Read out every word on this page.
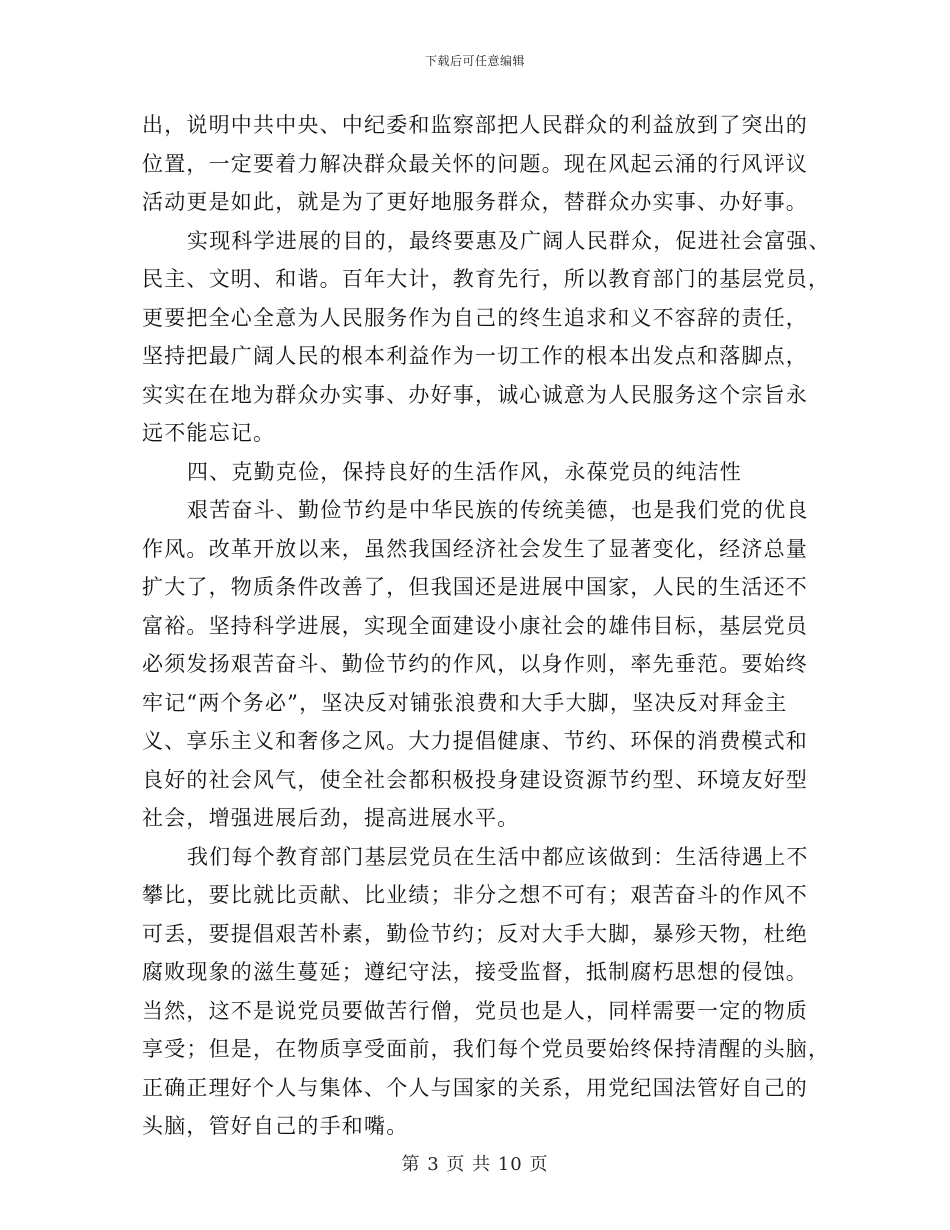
下载后可任意编辑
出，说明中共中央、中纪委和监察部把人民群众的利益放到了突出的
位置，一定要着力解决群众最关怀的问题。现在风起云涌的行风评议
活动更是如此，就是为了更好地服务群众，替群众办实事、办好事。
实现科学进展的目的，最终要惠及广阔人民群众，促进社会富强、
民主、文明、和谐。百年大计，教育先行，所以教育部门的基层党员，
更要把全心全意为人民服务作为自己的终生追求和义不容辞的责任，
坚持把最广阔人民的根本利益作为一切工作的根本出发点和落脚点，
实实在在地为群众办实事、办好事，诚心诚意为人民服务这个宗旨永
远不能忘记。
四、克勤克俭，保持良好的生活作风，永葆党员的纯洁性
艰苦奋斗、勤俭节约是中华民族的传统美德，也是我们党的优良
作风。改革开放以来，虽然我国经济社会发生了显著变化，经济总量
扩大了，物质条件改善了，但我国还是进展中国家，人民的生活还不
富裕。坚持科学进展，实现全面建设小康社会的雄伟目标，基层党员
必须发扬艰苦奋斗、勤俭节约的作风，以身作则，率先垂范。要始终
牢记“两个务必”，坚决反对铺张浪费和大手大脚，坚决反对拜金主
义、享乐主义和奢侈之风。大力提倡健康、节约、环保的消费模式和
良好的社会风气，使全社会都积极投身建设资源节约型、环境友好型
社会，增强进展后劲，提高进展水平。
我们每个教育部门基层党员在生活中都应该做到：生活待遇上不
攀比，要比就比贡献、比业绩；非分之想不可有；艰苦奋斗的作风不
可丢，要提倡艰苦朴素，勤俭节约；反对大手大脚，暴殄天物，杜绝
腐败现象的滋生蔓延；遵纪守法，接受监督，抵制腐朽思想的侵蚀。
当然，这不是说党员要做苦行僧，党员也是人，同样需要一定的物质
享受；但是，在物质享受面前，我们每个党员要始终保持清醒的头脑，
正确正理好个人与集体、个人与国家的关系，用党纪国法管好自己的
头脑，管好自己的手和嘴。
第 3 页 共 10 页
